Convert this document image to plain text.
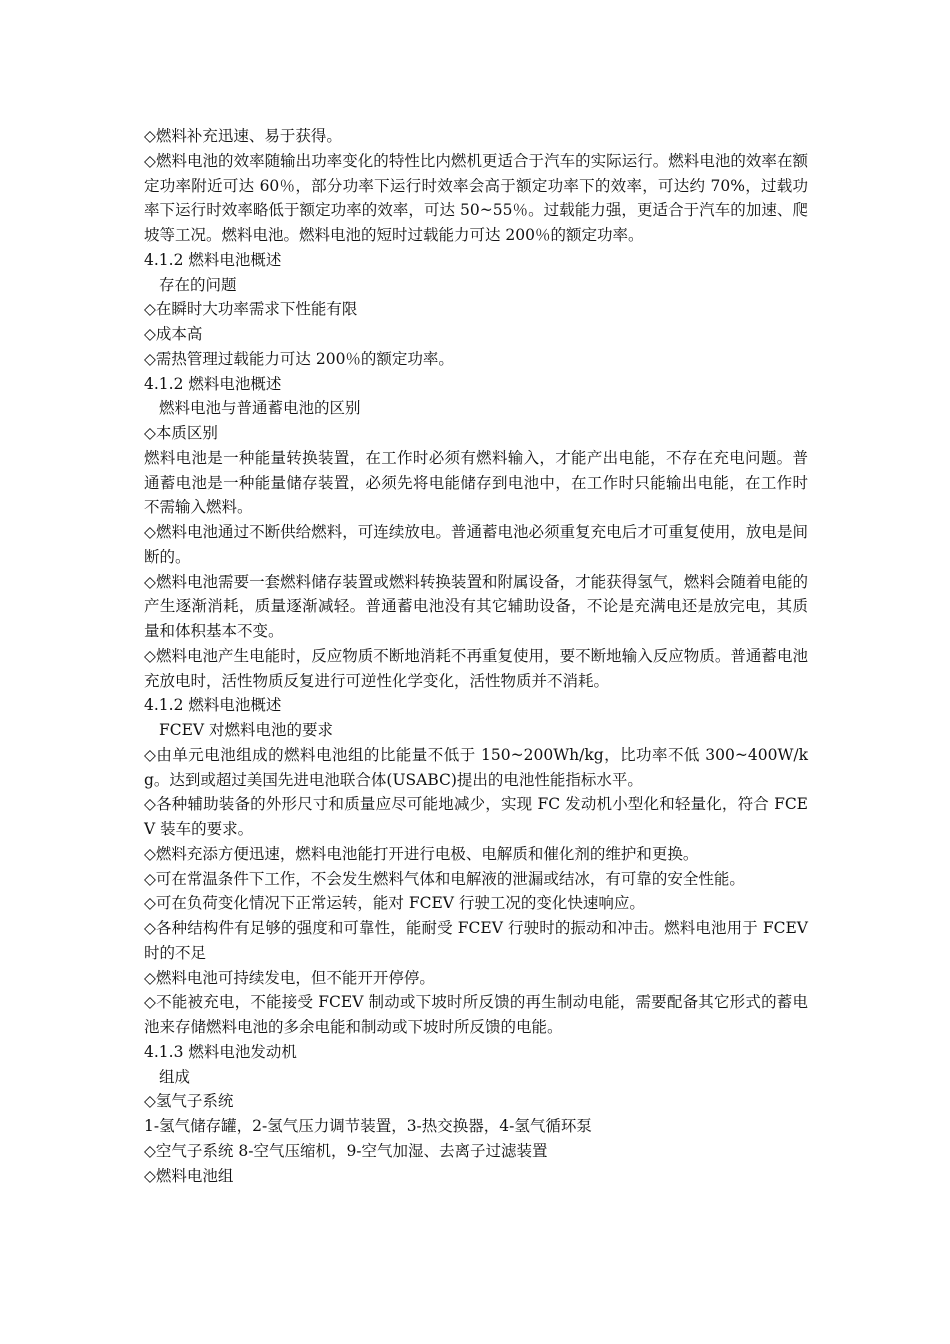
◇燃料补充迅速、易于获得。

◇燃料电池的效率随输出功率变化的特性比内燃机更适合于汽车的实际运行。燃料电池的效率在额定功率附近可达 60％，部分功率下运行时效率会高于额定功率下的效率，可达约 70%，过载功率下运行时效率略低于额定功率的效率，可达 50~55％。过载能力强，更适合于汽车的加速、爬坡等工况。燃料电池。燃料电池的短时过载能力可达 200％的额定功率。

4.1.2 燃料电池概述

存在的问题

◇在瞬时大功率需求下性能有限

◇成本高

◇需热管理过载能力可达 200％的额定功率。

4.1.2 燃料电池概述

燃料电池与普通蓄电池的区别

◇本质区别

燃料电池是一种能量转换装置，在工作时必须有燃料输入，才能产出电能，不存在充电问题。普通蓄电池是一种能量储存装置，必须先将电能储存到电池中，在工作时只能输出电能，在工作时不需输入燃料。

◇燃料电池通过不断供给燃料，可连续放电。普通蓄电池必须重复充电后才可重复使用，放电是间断的。

◇燃料电池需要一套燃料储存装置或燃料转换装置和附属设备，才能获得氢气，燃料会随着电能的产生逐渐消耗，质量逐渐减轻。普通蓄电池没有其它辅助设备，不论是充满电还是放完电，其质量和体积基本不变。

◇燃料电池产生电能时，反应物质不断地消耗不再重复使用，要不断地输入反应物质。普通蓄电池充放电时，活性物质反复进行可逆性化学变化，活性物质并不消耗。

4.1.2 燃料电池概述

FCEV 对燃料电池的要求

◇由单元电池组成的燃料电池组的比能量不低于 150~200Wh/kg，比功率不低 300~400W/kg。达到或超过美国先进电池联合体(USABC)提出的电池性能指标水平。

◇各种辅助装备的外形尺寸和质量应尽可能地减少，实现 FC 发动机小型化和轻量化，符合 FCEV 装车的要求。

◇燃料充添方便迅速，燃料电池能打开进行电极、电解质和催化剂的维护和更换。

◇可在常温条件下工作，不会发生燃料气体和电解液的泄漏或结冰，有可靠的安全性能。

◇可在负荷变化情况下正常运转，能对 FCEV 行驶工况的变化快速响应。

◇各种结构件有足够的强度和可靠性，能耐受 FCEV 行驶时的振动和冲击。燃料电池用于 FCEV 时的不足

◇燃料电池可持续发电，但不能开开停停。

◇不能被充电，不能接受 FCEV 制动或下坡时所反馈的再生制动电能，需要配备其它形式的蓄电池来存储燃料电池的多余电能和制动或下坡时所反馈的电能。

4.1.3 燃料电池发动机

组成

◇氢气子系统

1-氢气储存罐，2-氢气压力调节装置，3-热交换器，4-氢气循环泵

◇空气子系统 8-空气压缩机，9-空气加湿、去离子过滤装置

◇燃料电池组
